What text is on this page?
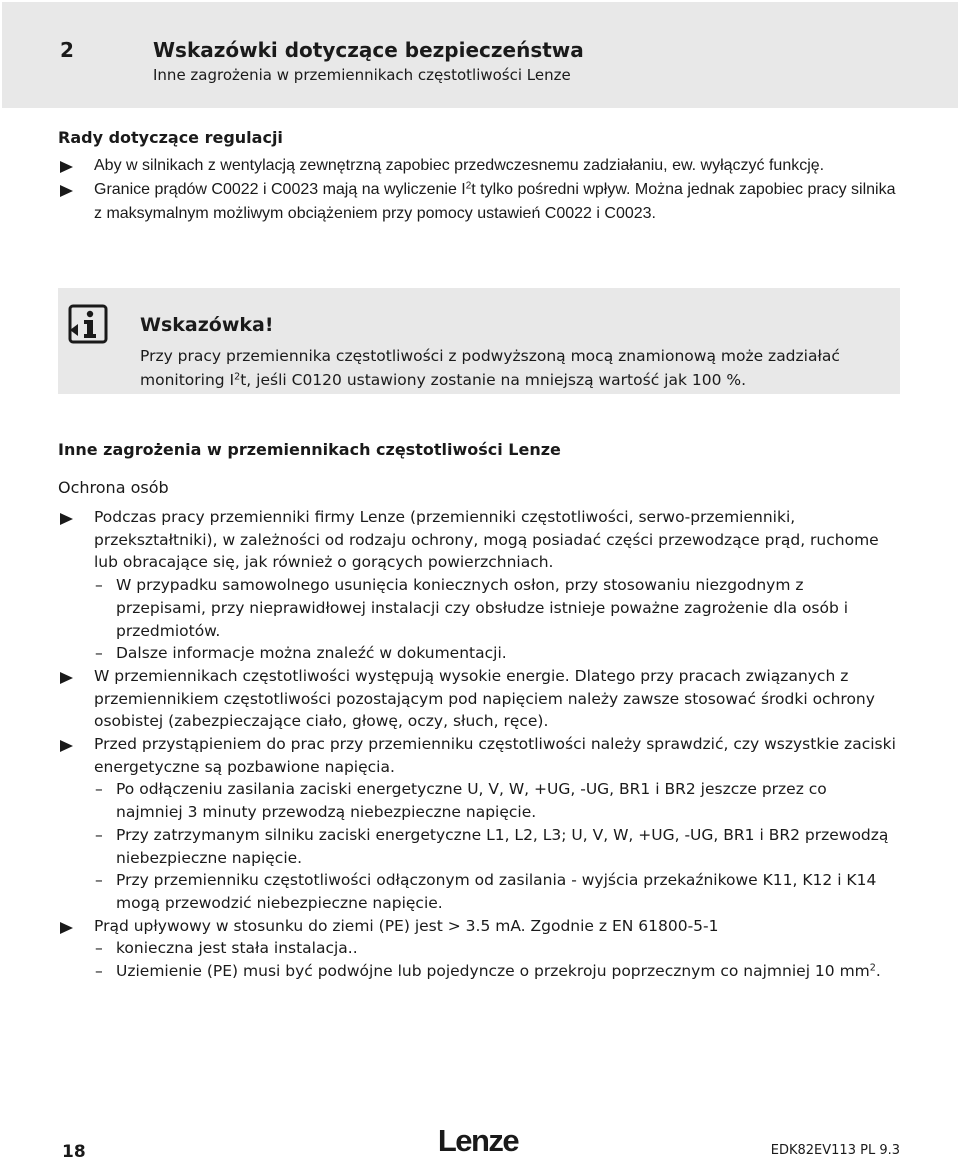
2	Wskazówki dotyczące bezpieczeństwa
Inne zagrożenia w przemiennikach częstotliwości Lenze
Rady dotyczące regulacji
Aby w silnikach z wentylacją zewnętrzną zapobiec przedwczesnemu zadziałaniu, ew. wyłączyć funkcję.
Granice prądów C0022 i C0023 mają na wyliczenie $I^2t$ tylko pośredni wpływ. Można jednak zapobiec pracy silnika z maksymalnym możliwym obciążeniem przy pomocy ustawień C0022 i C0023.
Wskazówka!
Przy pracy przemiennika częstotliwości z podwyższoną mocą znamionową może zadziałać monitoring $I^2t$, jeśli C0120 ustawiony zostanie na mniejszą wartość jak 100 %.
Inne zagrożenia w przemiennikach częstotliwości Lenze
Ochrona osób
Podczas pracy przemienniki firmy Lenze (przemienniki częstotliwości, serwo‑przemienniki, przekształtniki), w zależności od rodzaju ochrony, mogą posiadać części przewodzące prąd, ruchome lub obracające się, jak również o gorących powierzchniach.
– W przypadku samowolnego usunięcia koniecznych osłon, przy stosowaniu niezgodnym z przepisami, przy nieprawidłowej instalacji czy obsłudze istnieje poważne zagrożenie dla osób i przedmiotów.
– Dalsze informacje można znaleźć w dokumentacji.
W przemiennikach częstotliwości występują wysokie energie. Dlatego przy pracach związanych z przemiennikiem częstotliwości pozostającym pod napięciem należy zawsze stosować środki ochrony osobistej (zabezpieczające ciało, głowę, oczy, słuch, ręce).
Przed przystąpieniem do prac przy przemienniku częstotliwości należy sprawdzić, czy wszystkie zaciski energetyczne są pozbawione napięcia.
– Po odłączeniu zasilania zaciski energetyczne U, V, W, +UG, -UG, BR1 i BR2 jeszcze przez co najmniej 3 minuty przewodzą niebezpieczne napięcie.
– Przy zatrzymanym silniku zaciski energetyczne L1, L2, L3; U, V, W, +UG, -UG, BR1 i BR2 przewodzą niebezpieczne napięcie.
– Przy przemienniku częstotliwości odłączonym od zasilania - wyjścia przekaźnikowe K11, K12 i K14 mogą przewodzić niebezpieczne napięcie.
Prąd upływowy w stosunku do ziemi (PE) jest > 3.5 mA. Zgodnie z EN 61800‑5‑1
– konieczna jest stała instalacja..
– Uziemienie (PE) musi być podwójne lub pojedyncze o przekroju poprzecznym co najmniej 10 $mm^2$.
18	Lenze	EDK82EV113 PL 9.3
